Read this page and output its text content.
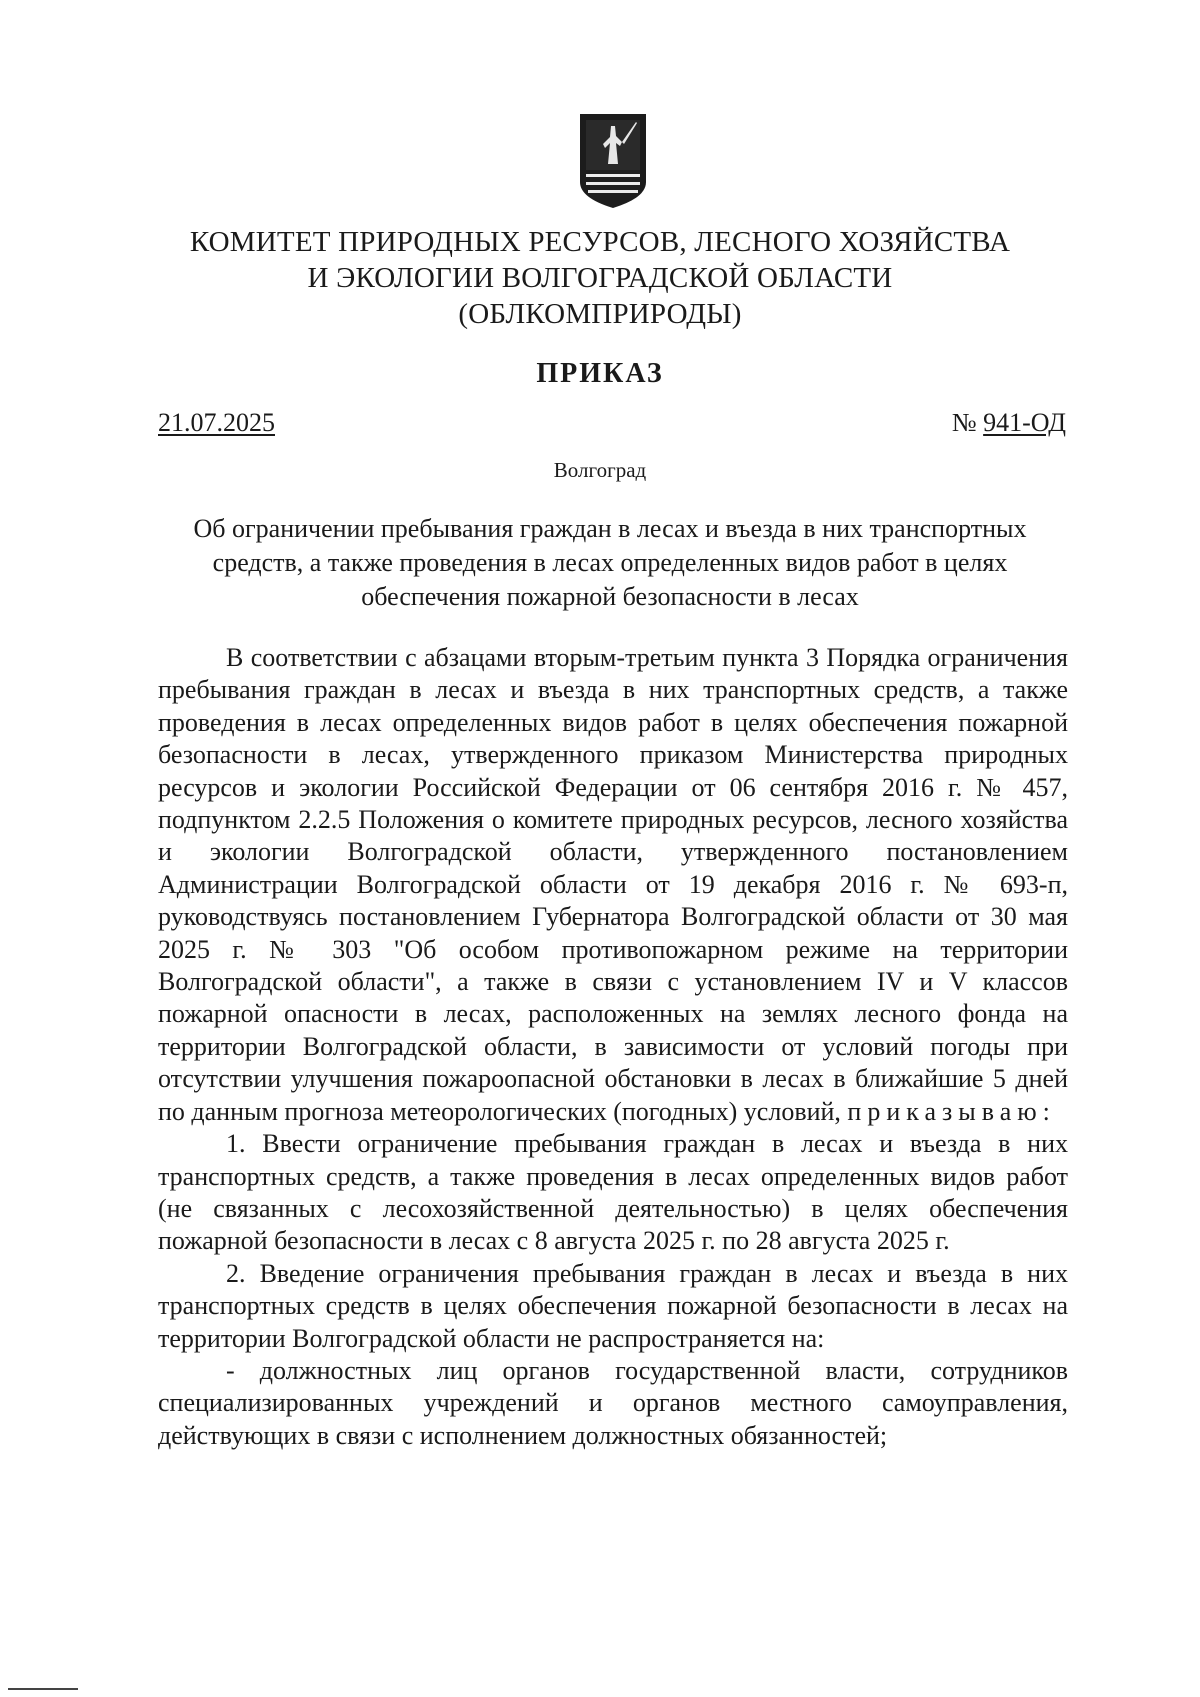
КОМИТЕТ ПРИРОДНЫХ РЕСУРСОВ, ЛЕСНОГО ХОЗЯЙСТВА
И ЭКОЛОГИИ ВОЛГОГРАДСКОЙ ОБЛАСТИ
(ОБЛКОМПРИРОДЫ)
ПРИКАЗ
21.07.2025	№ 941-ОД
Волгоград
Об ограничении пребывания граждан в лесах и въезда в них транспортных
средств, а также проведения в лесах определенных видов работ в целях
обеспечения пожарной безопасности в лесах

В соответствии с абзацами вторым-третьим пункта 3 Порядка ограничения пребывания граждан в лесах и въезда в них транспортных средств, а также проведения в лесах определенных видов работ в целях обеспечения пожарной безопасности в лесах, утвержденного приказом Министерства природных ресурсов и экологии Российской Федерации от 06 сентября 2016 г. № 457, подпунктом 2.2.5 Положения о комитете природных ресурсов, лесного хозяйства и экологии Волгоградской области, утвержденного постановлением Администрации Волгоградской области от 19 декабря 2016 г. № 693-п, руководствуясь постановлением Губернатора Волгоградской области от 30 мая 2025 г. № 303 "Об особом противопожарном режиме на территории Волгоградской области", а также в связи с установлением IV и V классов пожарной опасности в лесах, расположенных на землях лесного фонда на территории Волгоградской области, в зависимости от условий погоды при отсутствии улучшения пожароопасной обстановки в лесах в ближайшие 5 дней по данным прогноза метеорологических (погодных) условий, приказываю:

1. Ввести ограничение пребывания граждан в лесах и въезда в них транспортных средств, а также проведения в лесах определенных видов работ (не связанных с лесохозяйственной деятельностью) в целях обеспечения пожарной безопасности в лесах с 8 августа 2025 г. по 28 августа 2025 г.

2. Введение ограничения пребывания граждан в лесах и въезда в них транспортных средств в целях обеспечения пожарной безопасности в лесах на территории Волгоградской области не распространяется на:

- должностных лиц органов государственной власти, сотрудников специализированных учреждений и органов местного самоуправления, действующих в связи с исполнением должностных обязанностей;
